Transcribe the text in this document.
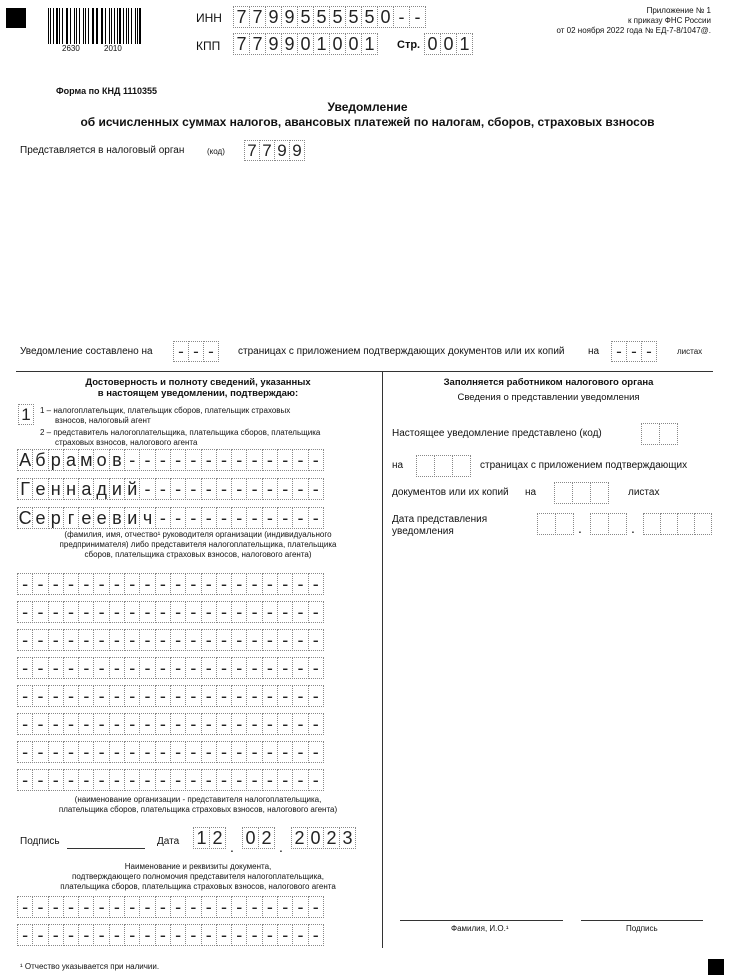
2630	2010
ИНН 7 7 9 9 5 5 5 5 5 0 - -
КПП 7 7 9 9 0 1 0 0 1	Стр. 0 0 1
Приложение № 1
к приказу ФНС России
от 02 ноября 2022 года № ЕД-7-8/1047@.
Форма по КНД 1110355
Уведомление
об исчисленных суммах налогов, авансовых платежей по налогам, сборов, страховых взносов
Представляется в налоговый орган	(код) 7 7 9 9
Уведомление составлено на	- - -	страницах с приложением подтверждающих документов или их копий на	- - -	листах
Достоверность и полноту сведений, указанных
в настоящем уведомлении, подтверждаю:
1	1 – налогоплательщик, плательщик сборов, плательщик страховых
взносов, налоговый агент
2 – представитель налогоплательщика, плательщика сборов, плательщика
страховых взносов, налогового агента
А б р а м о в - - - - - - - - - - - - -
Г е н н а д и й - - - - - - - - - - - -
С е р г е е в и ч - - - - - - - - - - -
(фамилия, имя, отчество¹ руководителя организации (индивидуального
предпринимателя) либо представителя налогоплательщика, плательщика
сборов, плательщика страховых взносов, налогового агента)
- - - - - - - - - - - - - - - - - - - -
- - - - - - - - - - - - - - - - - - - -
- - - - - - - - - - - - - - - - - - - -
- - - - - - - - - - - - - - - - - - - -
- - - - - - - - - - - - - - - - - - - -
- - - - - - - - - - - - - - - - - - - -
- - - - - - - - - - - - - - - - - - - -
- - - - - - - - - - - - - - - - - - - -
(наименование организации - представителя налогоплательщика,
плательщика сборов, плательщика страховых взносов, налогового агента)
Подпись	Дата 1 2 . 0 2 . 2 0 2 3
Наименование и реквизиты документа,
подтверждающего полномочия представителя налогоплательщика,
плательщика сборов, плательщика страховых взносов, налогового агента
- - - - - - - - - - - - - - - - - - - -
- - - - - - - - - - - - - - - - - - - -
¹ Отчество указывается при наличии.
Заполняется работником налогового органа
Сведения о представлении уведомления
Настоящее уведомление представлено (код)
на	страницах с приложением подтверждающих
документов или их копий на	листах
Дата представления
уведомления	.	.
Фамилия, И.О.¹	Подпись
